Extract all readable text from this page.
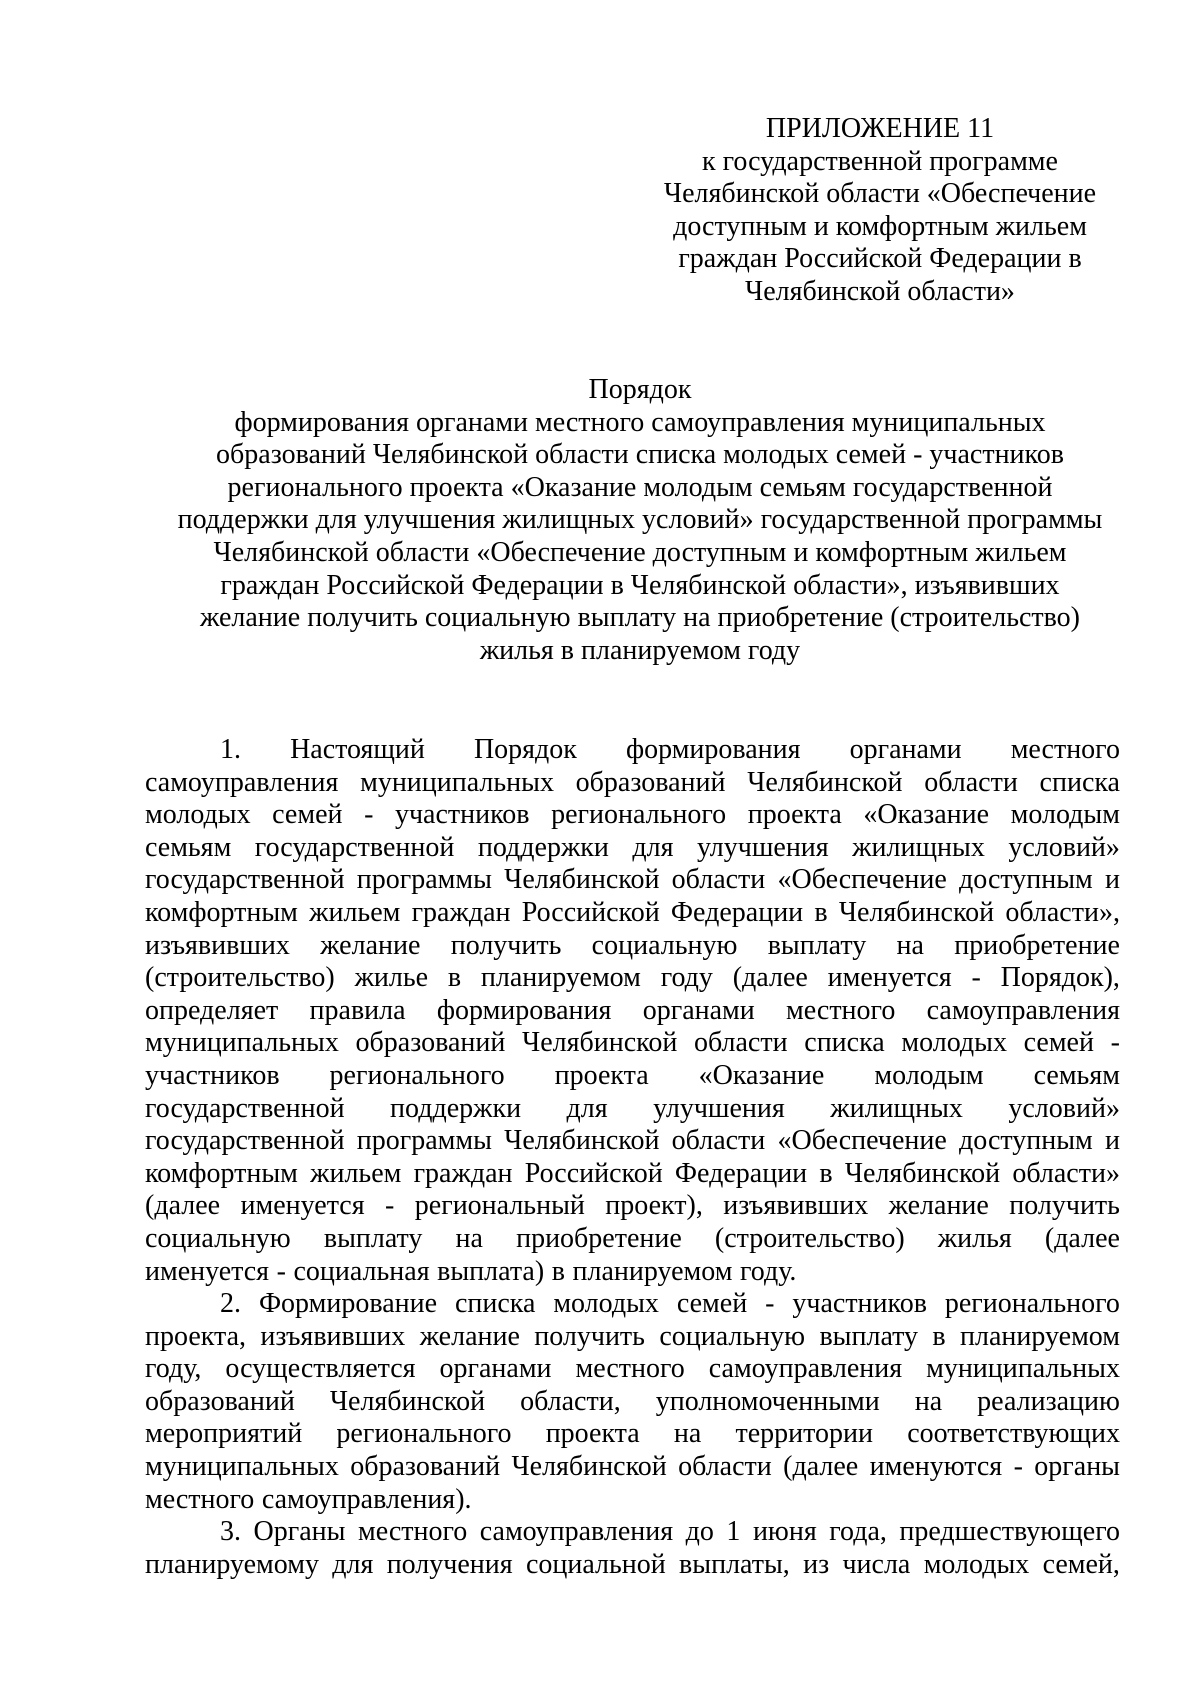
ПРИЛОЖЕНИЕ 11
к государственной программе
Челябинской области «Обеспечение
доступным и комфортным жильем
граждан Российской Федерации в
Челябинской области»
Порядок
формирования органами местного самоуправления муниципальных
образований Челябинской области списка молодых семей - участников
регионального проекта «Оказание молодым семьям государственной
поддержки для улучшения жилищных условий» государственной программы
Челябинской области «Обеспечение доступным и комфортным жильем
граждан Российской Федерации в Челябинской области», изъявивших
желание получить социальную выплату на приобретение (строительство)
жилья в планируемом году
1. Настоящий Порядок формирования органами местного
самоуправления муниципальных образований Челябинской области списка
молодых семей - участников регионального проекта «Оказание молодым
семьям государственной поддержки для улучшения жилищных условий»
государственной программы Челябинской области «Обеспечение доступным и
комфортным жильем граждан Российской Федерации в Челябинской области»,
изъявивших желание получить социальную выплату на приобретение
(строительство) жилье в планируемом году (далее именуется - Порядок),
определяет правила формирования органами местного самоуправления
муниципальных образований Челябинской области списка молодых семей -
участников регионального проекта «Оказание молодым семьям
государственной поддержки для улучшения жилищных условий»
государственной программы Челябинской области «Обеспечение доступным и
комфортным жильем граждан Российской Федерации в Челябинской области»
(далее именуется - региональный проект), изъявивших желание получить
социальную выплату на приобретение (строительство) жилья (далее
именуется - социальная выплата) в планируемом году.
2. Формирование списка молодых семей - участников регионального
проекта, изъявивших желание получить социальную выплату в планируемом
году, осуществляется органами местного самоуправления муниципальных
образований Челябинской области, уполномоченными на реализацию
мероприятий регионального проекта на территории соответствующих
муниципальных образований Челябинской области (далее именуются - органы
местного самоуправления).
3. Органы местного самоуправления до 1 июня года, предшествующего
планируемому для получения социальной выплаты, из числа молодых семей,
